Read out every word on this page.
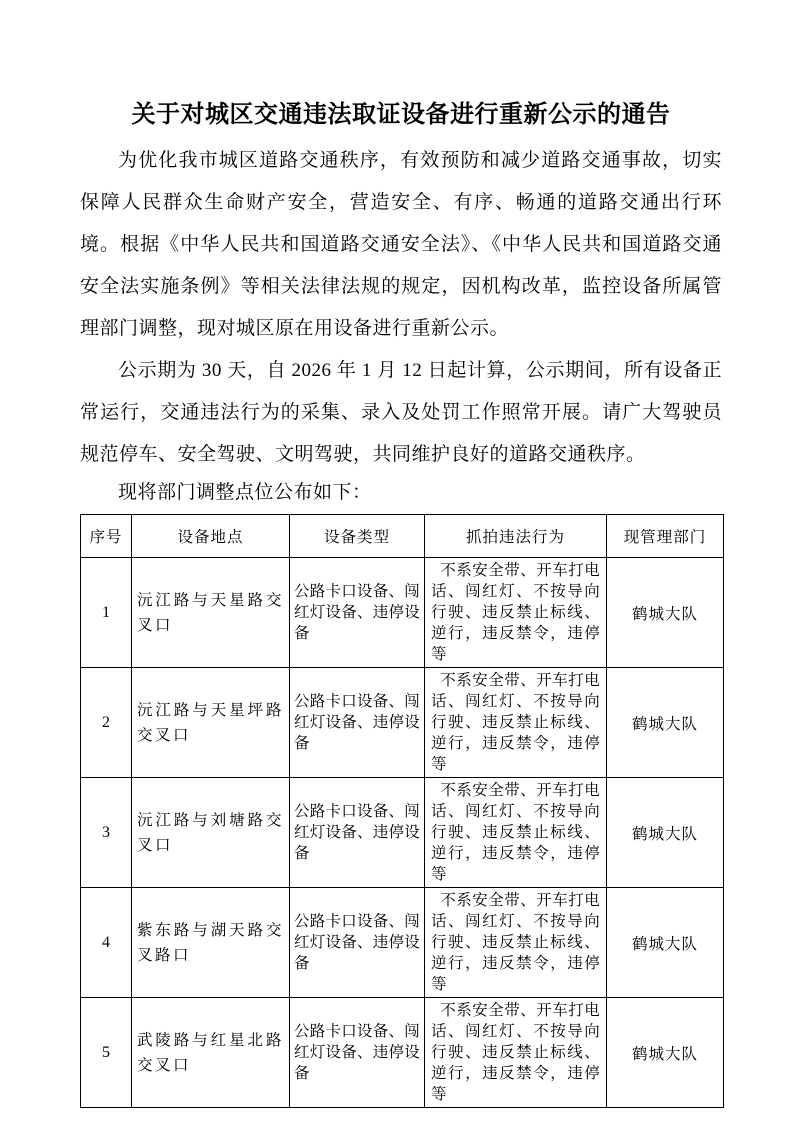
关于对城区交通违法取证设备进行重新公示的通告

为优化我市城区道路交通秩序，有效预防和减少道路交通事故，切实保障人民群众生命财产安全，营造安全、有序、畅通的道路交通出行环境。根据《中华人民共和国道路交通安全法》、《中华人民共和国道路交通安全法实施条例》等相关法律法规的规定，因机构改革，监控设备所属管理部门调整，现对城区原在用设备进行重新公示。

公示期为 30 天，自 2026 年 1 月 12 日起计算，公示期间，所有设备正常运行，交通违法行为的采集、录入及处罚工作照常开展。请广大驾驶员规范停车、安全驾驶、文明驾驶，共同维护良好的道路交通秩序。

现将部门调整点位公布如下：

序号	设备地点	设备类型	抓拍违法行为	现管理部门
1	沅江路与天星路交叉口	公路卡口设备、闯红灯设备、违停设备	不系安全带、开车打电话、闯红灯、不按导向行驶、违反禁止标线、逆行，违反禁令，违停等	鹤城大队
2	沅江路与天星坪路交叉口	公路卡口设备、闯红灯设备、违停设备	不系安全带、开车打电话、闯红灯、不按导向行驶、违反禁止标线、逆行，违反禁令，违停等	鹤城大队
3	沅江路与刘塘路交叉口	公路卡口设备、闯红灯设备、违停设备	不系安全带、开车打电话、闯红灯、不按导向行驶、违反禁止标线、逆行，违反禁令，违停等	鹤城大队
4	紫东路与湖天路交叉路口	公路卡口设备、闯红灯设备、违停设备	不系安全带、开车打电话、闯红灯、不按导向行驶、违反禁止标线、逆行，违反禁令，违停等	鹤城大队
5	武陵路与红星北路交叉口	公路卡口设备、闯红灯设备、违停设备	不系安全带、开车打电话、闯红灯、不按导向行驶、违反禁止标线、逆行，违反禁令，违停等	鹤城大队
